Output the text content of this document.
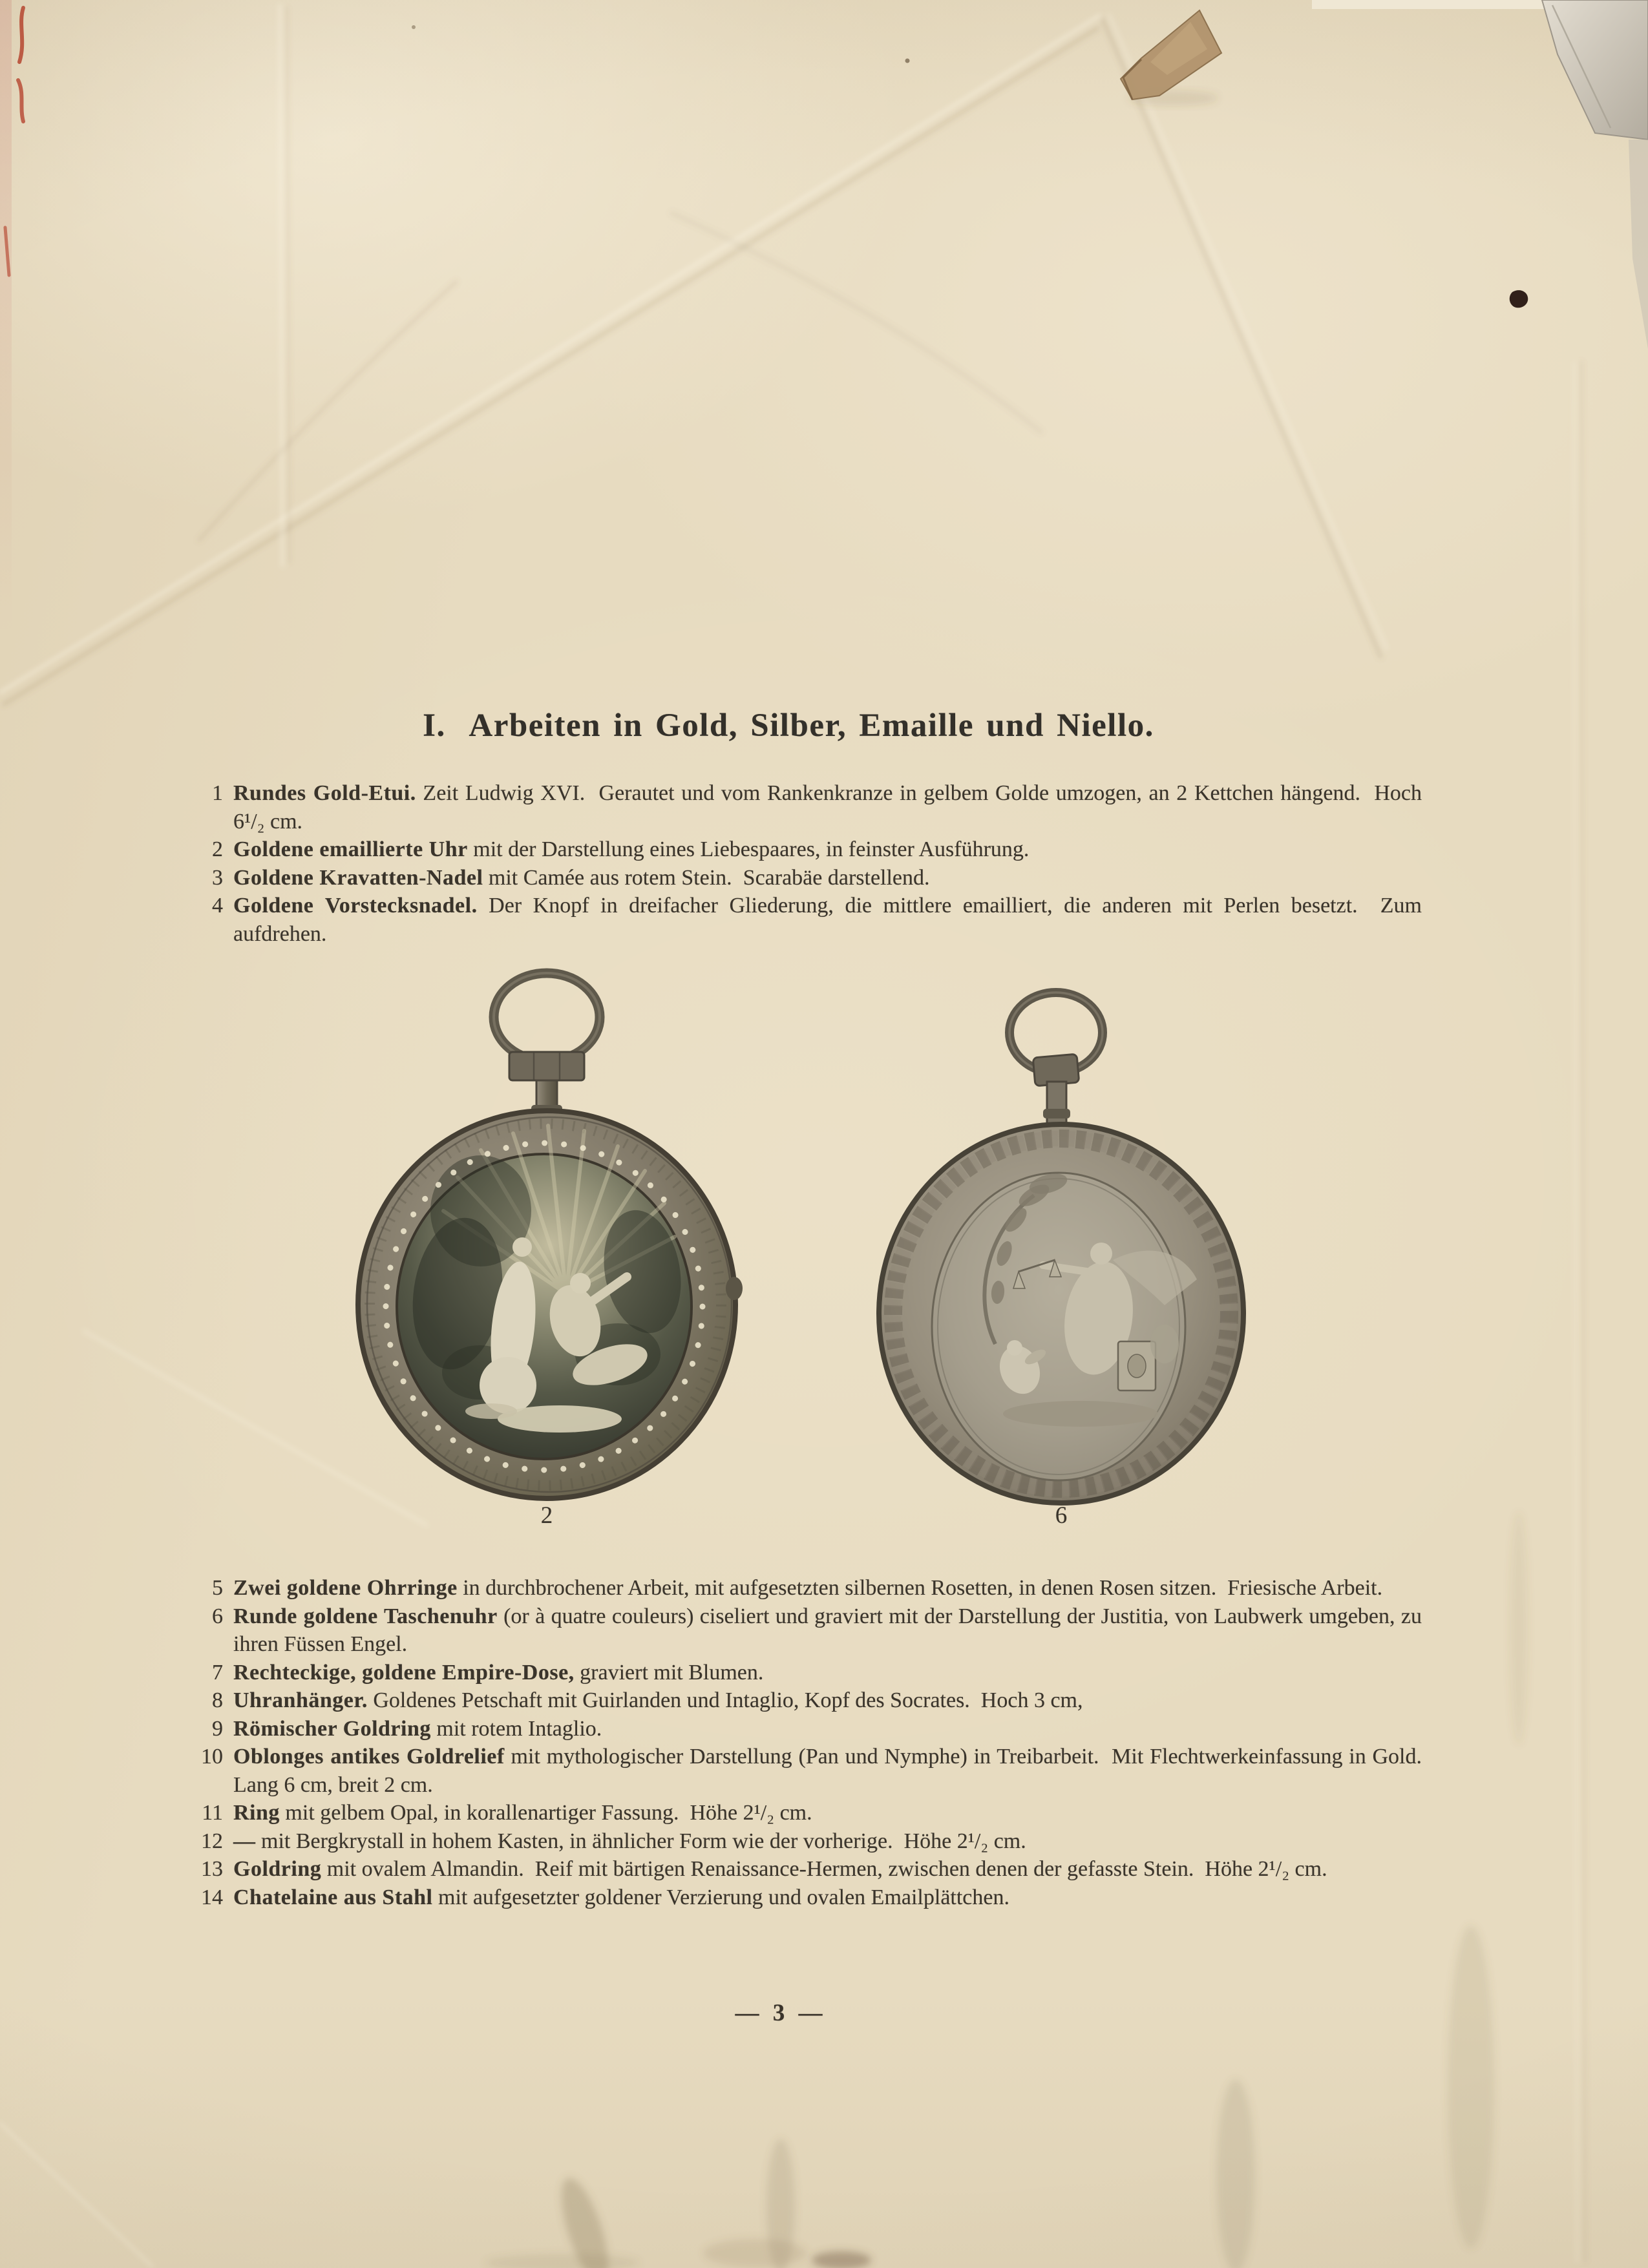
I.  Arbeiten in Gold, Silber, Emaille und Niello.
1 Rundes Gold-Etui. Zeit Ludwig XVI.  Gerautet und vom Rankenkranze in gelbem Golde umzogen, an 2 Kettchen hängend.  Hoch 6¹/₂ cm.

2 Goldene emaillierte Uhr mit der Darstellung eines Liebespaares, in feinster Ausführung.

3 Goldene Kravatten-Nadel mit Camée aus rotem Stein.  Scarabäe darstellend.

4 Goldene Vorstecksnadel. Der Knopf in dreifacher Gliederung, die mittlere emailliert, die anderen mit Perlen besetzt.  Zum aufdrehen.

2	6
5 Zwei goldene Ohrringe in durchbrochener Arbeit, mit aufgesetzten silbernen Rosetten, in denen Rosen sitzen.  Friesische Arbeit.

6 Runde goldene Taschenuhr (or à quatre couleurs) ciseliert und graviert mit der Darstellung der Justitia, von Laubwerk umgeben, zu ihren Füssen Engel.

7 Rechteckige, goldene Empire-Dose, graviert mit Blumen.

8 Uhranhänger. Goldenes Petschaft mit Guirlanden und Intaglio, Kopf des Socrates.  Hoch 3 cm,

9 Römischer Goldring mit rotem Intaglio.

10 Oblonges antikes Goldrelief mit mythologischer Darstellung (Pan und Nymphe) in Treibarbeit.  Mit Flechtwerkeinfassung in Gold.  Lang 6 cm, breit 2 cm.

11 Ring mit gelbem Opal, in korallenartiger Fassung.  Höhe 2¹/₂ cm.

12 — mit Bergkrystall in hohem Kasten, in ähnlicher Form wie der vorherige.  Höhe 2¹/₂ cm.

13 Goldring mit ovalem Almandin.  Reif mit bärtigen Renaissance-Hermen, zwischen denen der gefasste Stein.  Höhe 2¹/₂ cm.

14 Chatelaine aus Stahl mit aufgesetzter goldener Verzierung und ovalen Emailplättchen.

— 3 —
